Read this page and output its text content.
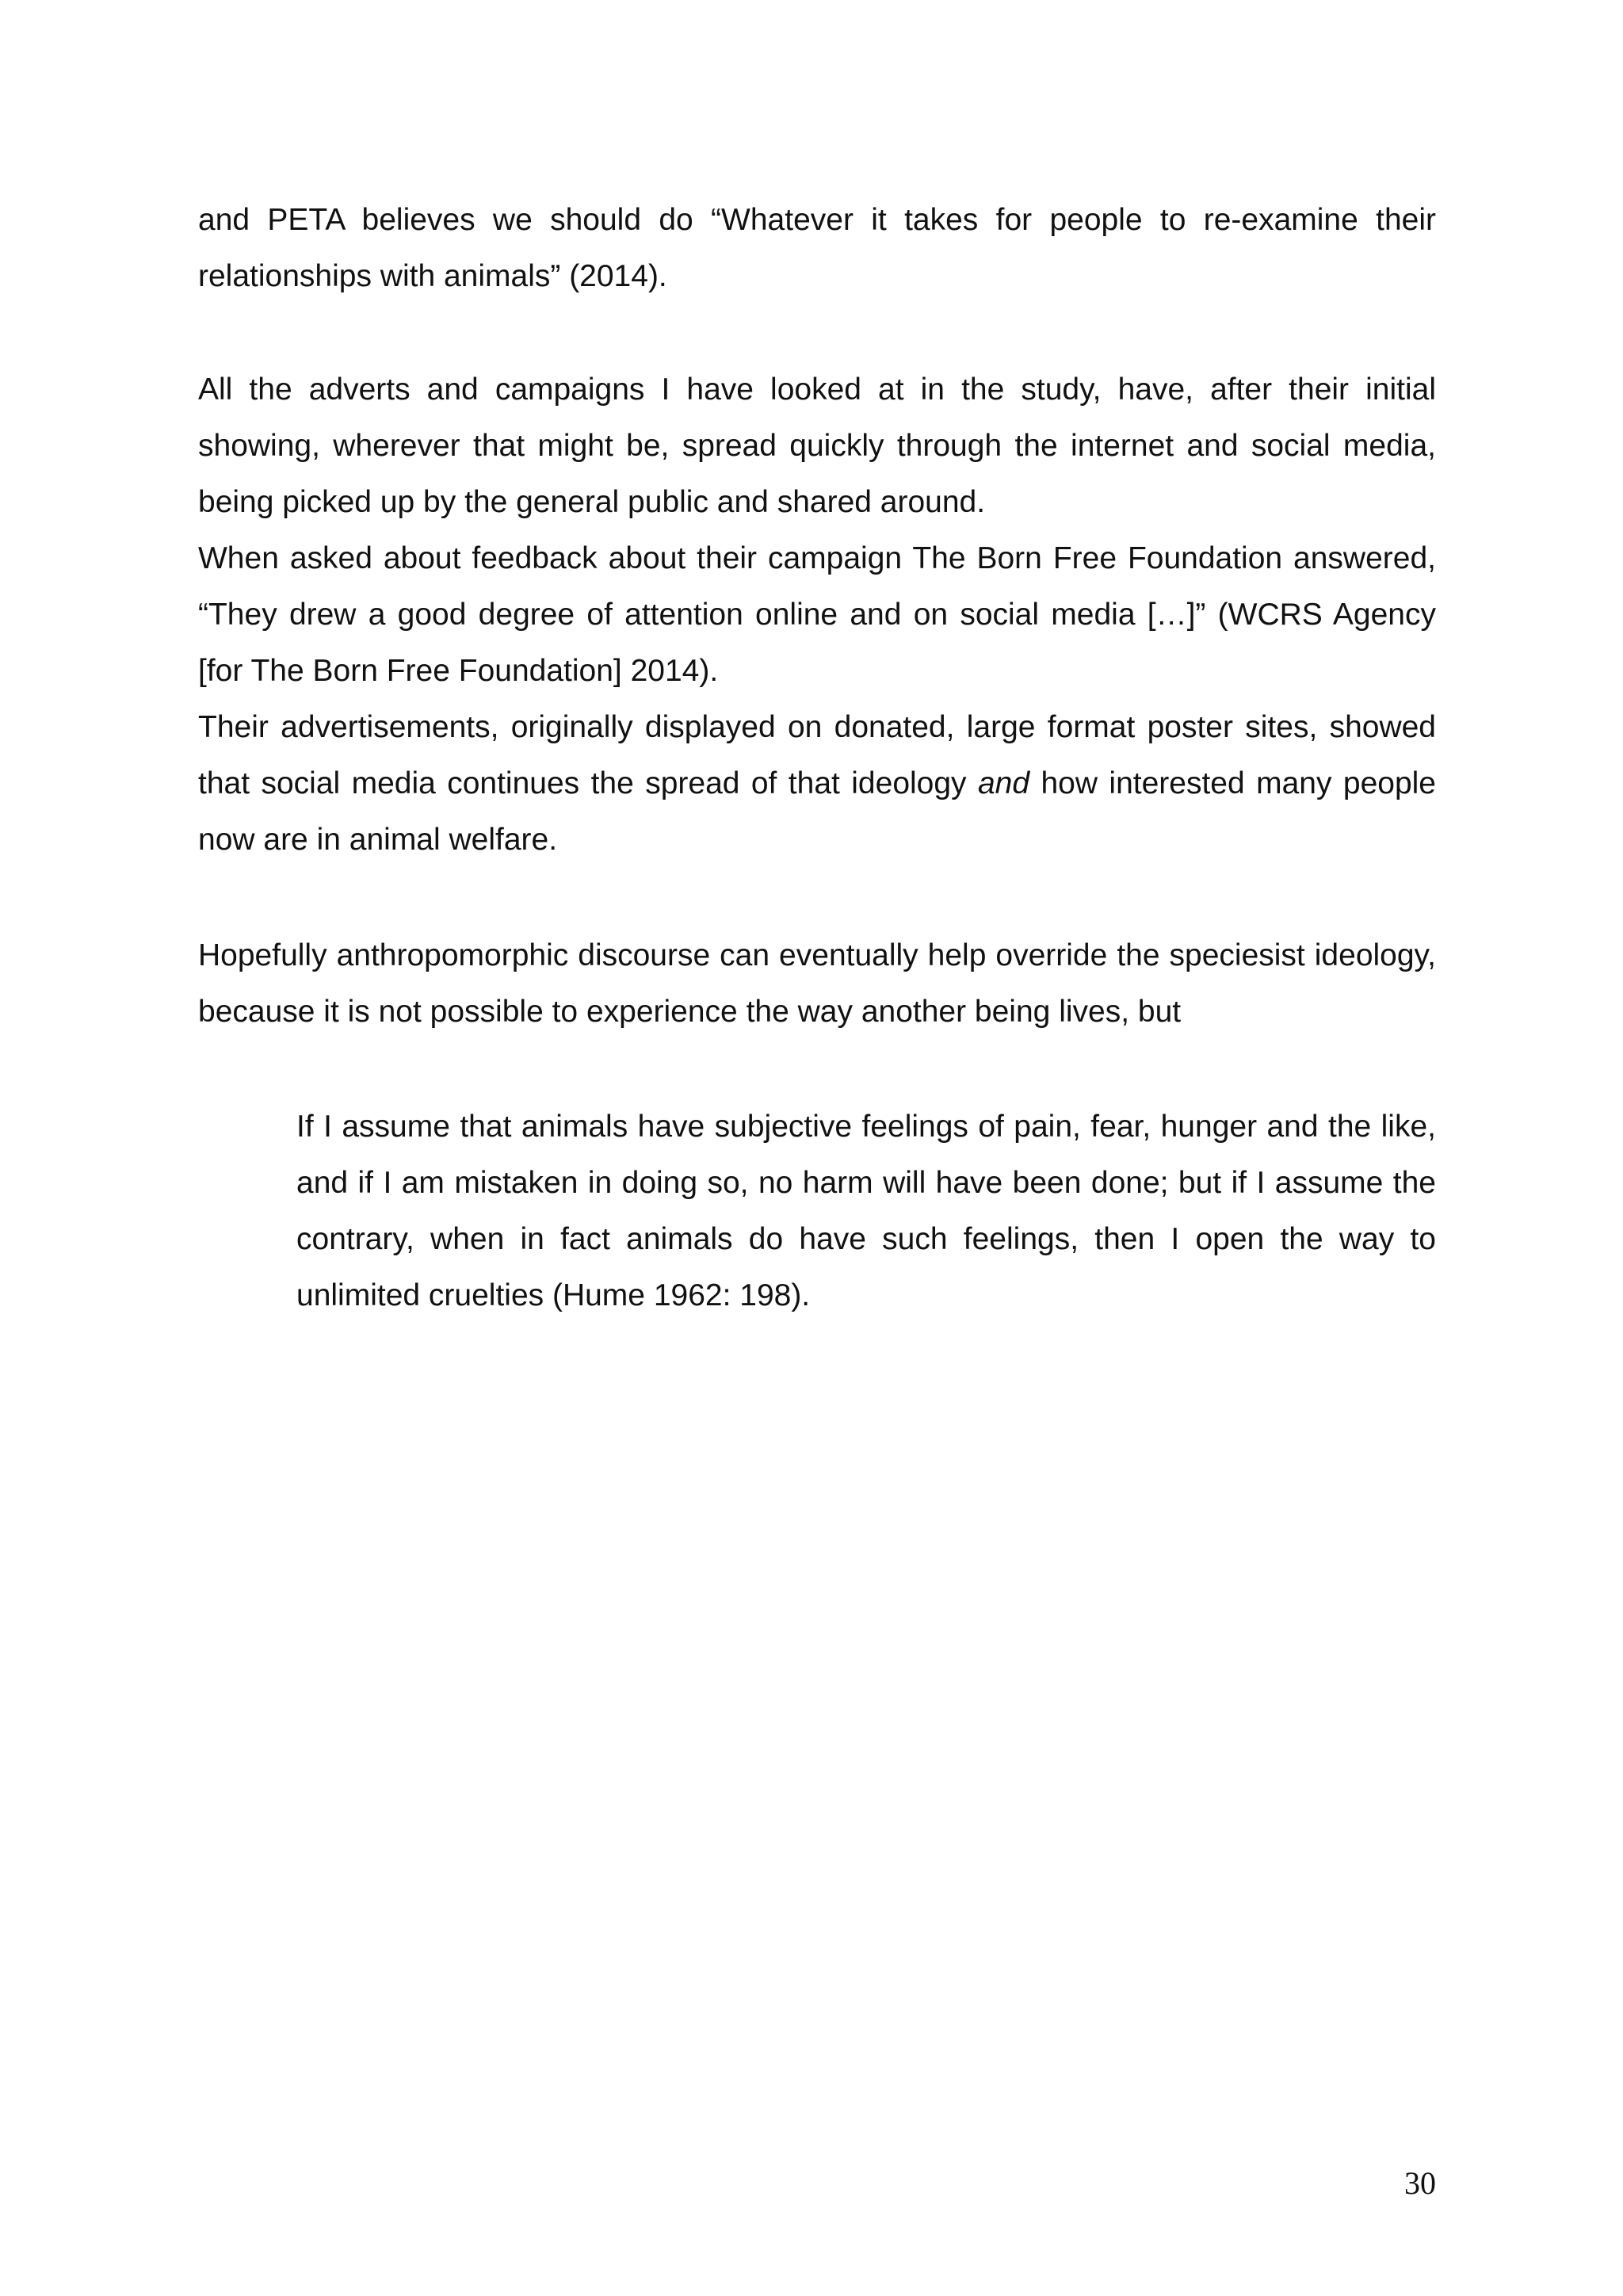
and PETA believes we should do “Whatever it takes for people to re-examine their relationships with animals” (2014).

All the adverts and campaigns I have looked at in the study, have, after their initial showing, wherever that might be, spread quickly through the internet and social media, being picked up by the general public and shared around.

When asked about feedback about their campaign The Born Free Foundation answered, “They drew a good degree of attention online and on social media […]” (WCRS Agency [for The Born Free Foundation] 2014).

Their advertisements, originally displayed on donated, large format poster sites, showed that social media continues the spread of that ideology and how interested many people now are in animal welfare.

Hopefully anthropomorphic discourse can eventually help override the speciesist ideology, because it is not possible to experience the way another being lives, but

If I assume that animals have subjective feelings of pain, fear, hunger and the like, and if I am mistaken in doing so, no harm will have been done; but if I assume the contrary, when in fact animals do have such feelings, then I open the way to unlimited cruelties (Hume 1962: 198).

30
